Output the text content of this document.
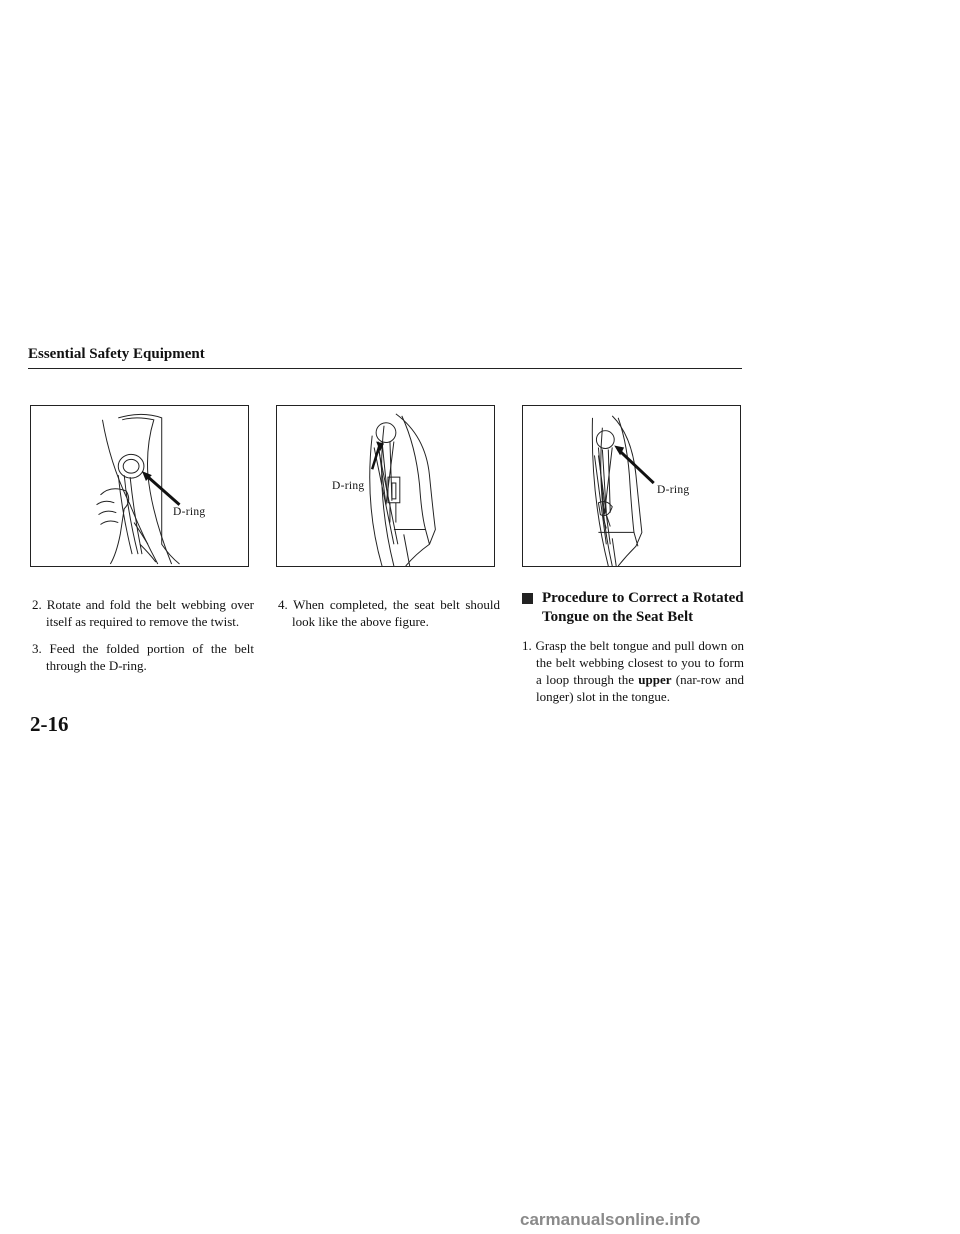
Essential Safety Equipment
D-ring
D-ring	D-ring

2. Rotate and fold the belt webbing over itself as required to remove the twist.

3. Feed the folded portion of the belt through the D-ring.

4. When completed, the seat belt should look like the above figure.

Procedure to Correct a Rotated Tongue on the Seat Belt

1. Grasp the belt tongue and pull down on the belt webbing closest to you to form a loop through the upper (nar-row and longer) slot in the tongue.

2-16
carmanualsonline.info
